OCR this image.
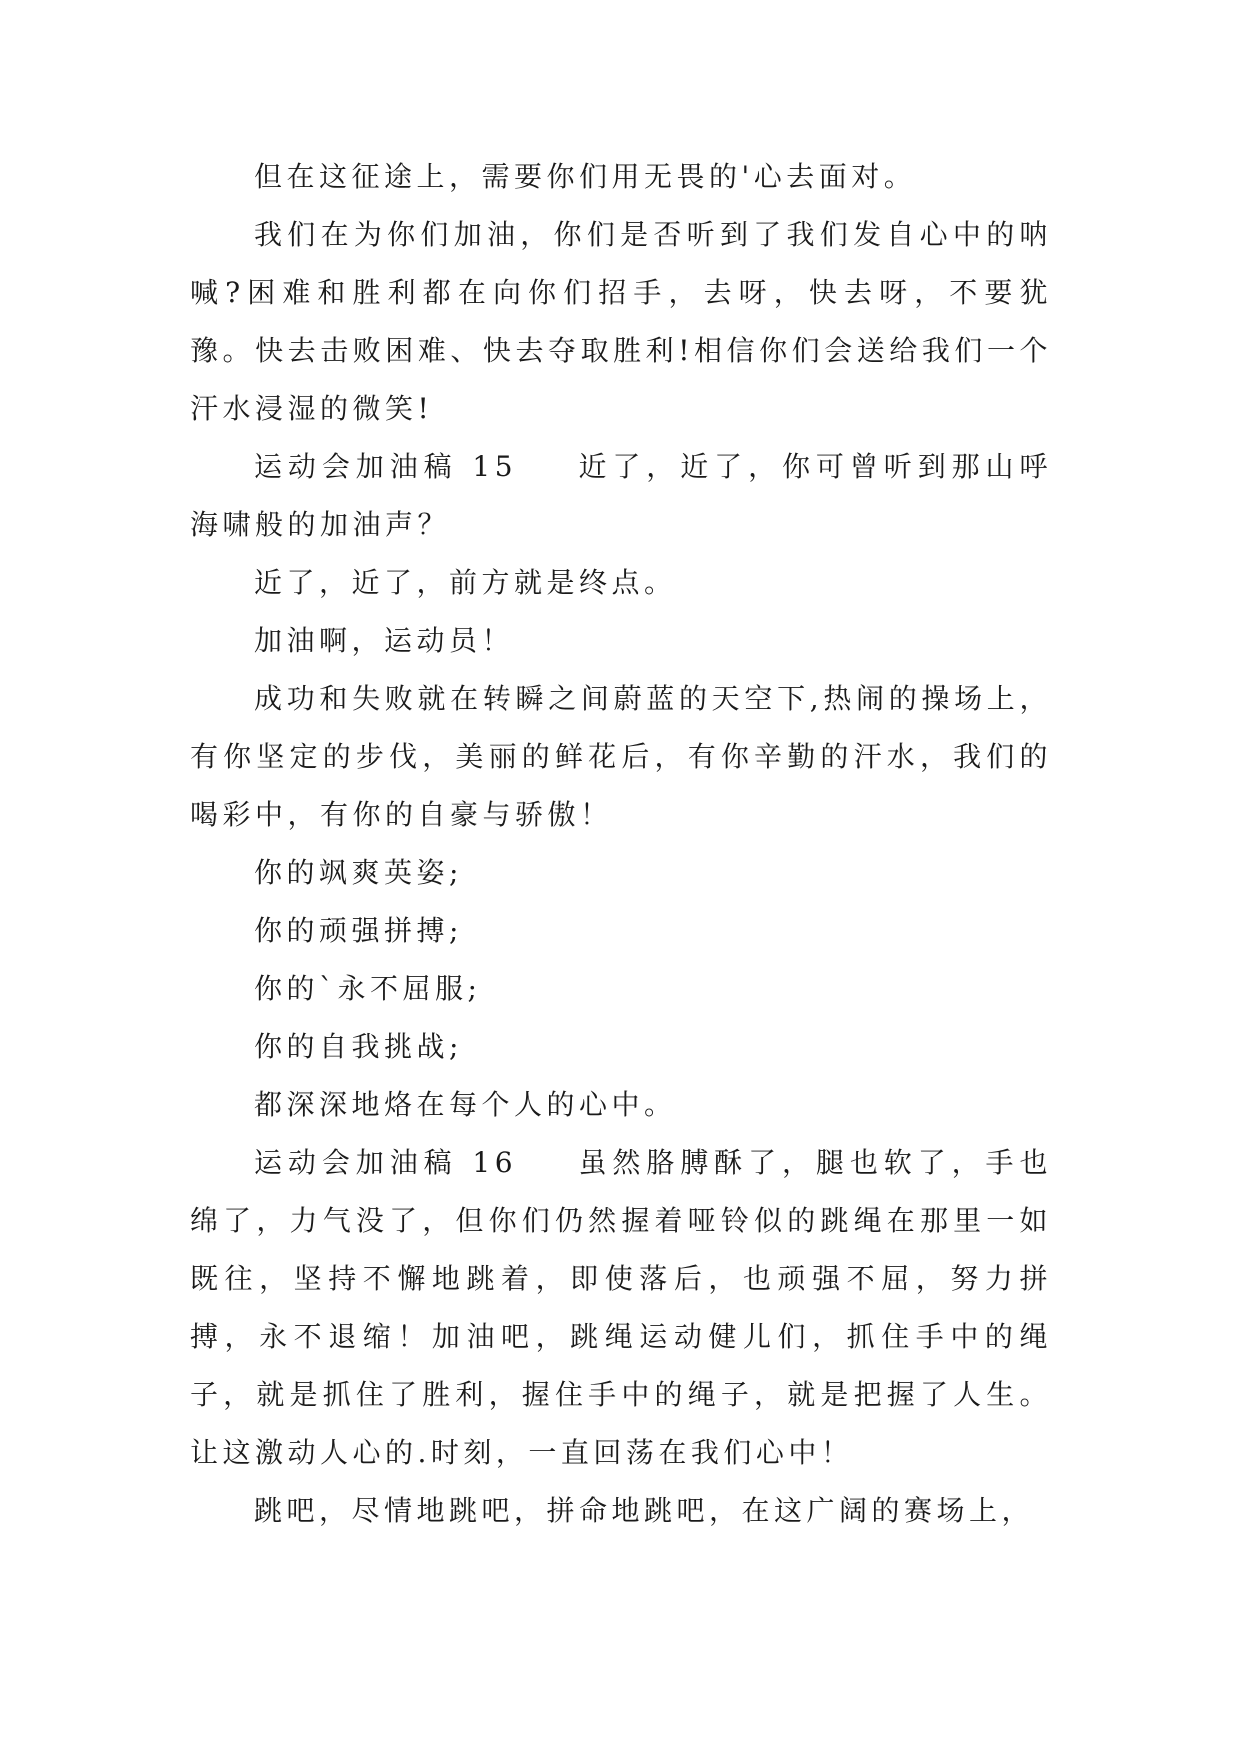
但在这征途上，需要你们用无畏的'心去面对。

我们在为你们加油，你们是否听到了我们发自心中的呐喊?困难和胜利都在向你们招手，去呀，快去呀，不要犹豫。快去击败困难、快去夺取胜利!相信你们会送给我们一个汗水浸湿的微笑!

运动会加油稿 15 近了，近了，你可曾听到那山呼海啸般的加油声？

近了，近了，前方就是终点。

加油啊，运动员！

成功和失败就在转瞬之间蔚蓝的天空下,热闹的操场上，有你坚定的步伐，美丽的鲜花后，有你辛勤的汗水，我们的喝彩中，有你的自豪与骄傲！

你的飒爽英姿;

你的顽强拼搏;

你的`永不屈服;

你的自我挑战;

都深深地烙在每个人的心中。

运动会加油稿 16 虽然胳膊酥了，腿也软了，手也绵了，力气没了，但你们仍然握着哑铃似的跳绳在那里一如既往，坚持不懈地跳着，即使落后，也顽强不屈，努力拼搏，永不退缩！加油吧，跳绳运动健儿们，抓住手中的绳子，就是抓住了胜利，握住手中的绳子，就是把握了人生。让这激动人心的.时刻，一直回荡在我们心中！

跳吧，尽情地跳吧，拼命地跳吧，在这广阔的赛场上，
